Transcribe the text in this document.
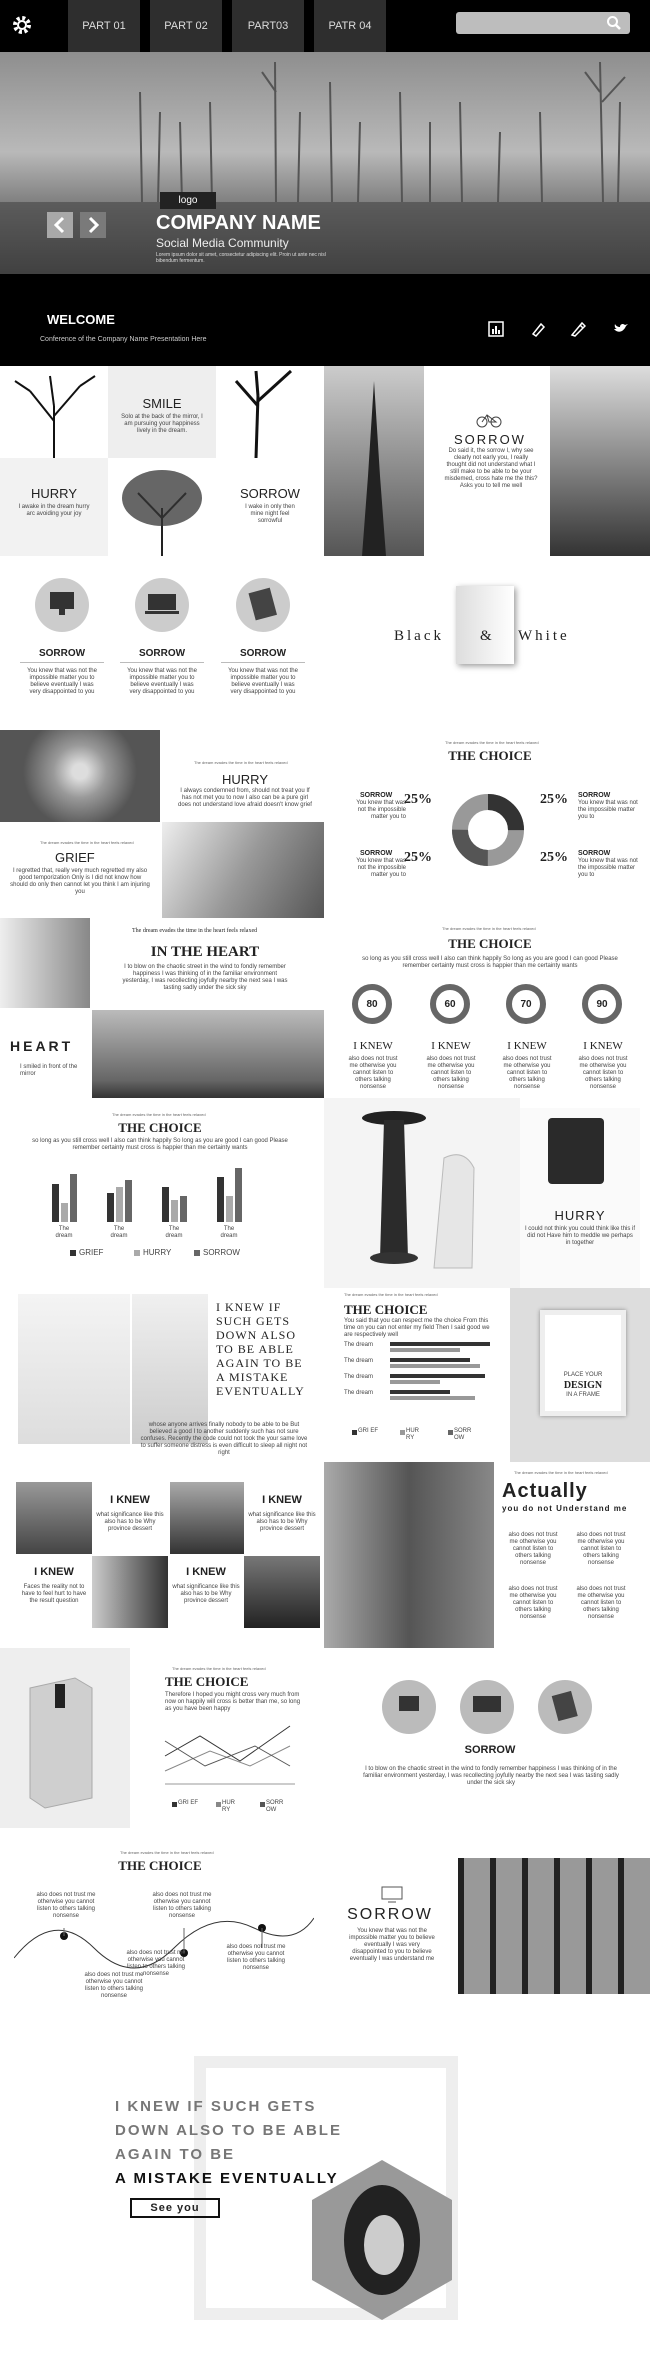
PART 01	PART 02	PART03	PATR 04
logo
COMPANY NAME
Social Media Community
Lorem ipsum dolor sit amet, consectetur adipiscing elit. Proin ut ante nec nisl bibendum fermentum.
WELCOME
Conference of the Company Name Presentation Here
SMILE
Solo at the back of the mirror, I am pursuing your happiness lively in the dream.
HURRY
I awake in the dream hurry arc avoiding your joy
SORROW
I wake in only then mine night feel sorrowful
SORROW
Do said it, the sorrow I, why see clearly not early you, I really thought did not understand what I still make to be able to be your misdemed, cross hate me the this? Asks you to tell me well
SORROW
You knew that was not the impossible matter you to believe eventually I was very disappointed to you
SORROW
You knew that was not the impossible matter you to believe eventually I was very disappointed to you
SORROW
You knew that was not the impossible matter you to believe eventually I was very disappointed to you
Black & White
The dream evades the time in the heart feels relaxed
HURRY
I always condemned from, should not treat you If has not met you to now I also can be a pure girl does not understand love afraid doesn't know grief
The dream evades the time in the heart feels relaxed
GRIEF
I regretted that, really very much regretted my also good temporization Only is I did not know how should do only then cannot let you think I am injuring you
The dream evades the time in the heart feels relaxed
THE CHOICE
SORROW
You knew that was not the impossible matter you to
25%	25% SORROW
You knew that was not the impossible matter you to
SORROW
You knew that was not the impossible matter you to
25%	25% SORROW
You knew that was not the impossible matter you to
The dream evades the time in the heart feels relaxed
IN THE HEART
I to blow on the chaotic street in the wind to fondly remember happiness I was thinking of in the familiar environment yesterday, I was recollecting joyfully nearby the next sea I was tasting sadly under the sick sky
HEART
I smiled in front of the mirror
The dream evades the time in the heart feels relaxed
THE CHOICE
so long as you still cross well I also can think happily So long as you are good I can good Please remember certainty must cross is happier than me certainty wants
80	60	70	90
I KNEW
also does not trust me otherwise you cannot listen to others talking nonsense
I KNEW
also does not trust me otherwise you cannot listen to others talking nonsense
I KNEW
also does not trust me otherwise you cannot listen to others talking nonsense
I KNEW
also does not trust me otherwise you cannot listen to others talking nonsense
The dream evades the time in the heart feels relaxed
THE CHOICE
so long as you still cross well I also can think happily So long as you are good I can good Please remember certainty must cross is happier than me certainty wants
The dream
The dream
The dream
The dream
GRIEF	HURRY	SORROW
HURRY
I could not think you could think like this if did not Have him to meddle we perhaps in together
I KNEW IF SUCH GETS DOWN ALSO TO BE ABLE AGAIN TO BE A MISTAKE EVENTUALLY
whose anyone arrives finally nobody to be able to be But believed a good I to another suddenly such has not sure confuses. Recently the code could not took the your same love to suffer someone distress is even difficult to sleep all night not right
The dream evades the time in the heart feels relaxed
THE CHOICE
You said that you can respect me the choice From this time on you can not enter my field Then I said good we are respectively well
The dream
The dream
The dream
The dream
GRI EF	HUR RY
SORR OW
PLACE YOUR
DESIGN
IN A FRAME
I KNEW
what significance like this also has to be Why province dessert
I KNEW
what significance like this also has to be Why province dessert
I KNEW
Faces the reality not to have to feel hurt to have the result question
I KNEW
what significance like this also has to be Why province dessert
The dream evades the time in the heart feels relaxed
Actually
you do not Understand me
also does not trust me otherwise you cannot listen to others talking nonsense
also does not trust me otherwise you cannot listen to others talking nonsense
also does not trust me otherwise you cannot listen to others talking nonsense
also does not trust me otherwise you cannot listen to others talking nonsense
The dream evades the time in the heart feels relaxed
THE CHOICE
Therefore I hoped you might cross very much from now on happily will cross is better than me, so long as you have been happy
GRI EF	HUR RY
SORR OW
SORROW
I to blow on the chaotic street in the wind to fondly remember happiness I was thinking of in the familiar environment yesterday, I was recollecting joyfully nearby the next sea I was tasting sadly under the sick sky
The dream evades the time in the heart feels relaxed
THE CHOICE
also does not trust me otherwise you cannot listen to others talking nonsense
also does not trust me otherwise you cannot listen to others talking nonsense
also does not trust me otherwise you cannot listen to others talking nonsense
also does not trust me otherwise you cannot listen to others talking nonsense
also does not trust me otherwise you cannot listen to others talking nonsense
SORROW
You knew that was not the impossible matter you to believe eventually I was very disappointed to you to believe eventually I was understand me
I KNEW IF SUCH GETS
DOWN ALSO TO BE ABLE
AGAIN TO BE
A MISTAKE EVENTUALLY
See you
